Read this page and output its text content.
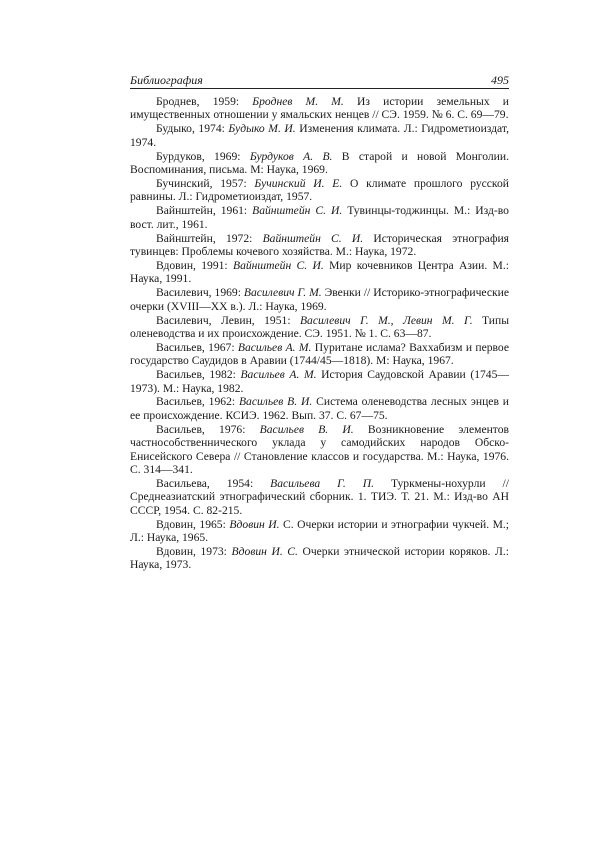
Библиография	495

Броднев, 1959: Броднев М. М. Из истории земельных и имущественных отношении у ямальских ненцев // СЭ. 1959. № 6. С. 69—79.

Будыко, 1974: Будыко М. И. Изменения климата. Л.: Гидрометиоиздат, 1974.

Бурдуков, 1969: Бурдуков А. В. В старой и новой Монголии. Воспоминания, письма. М: Наука, 1969.

Бучинский, 1957: Бучинский И. Е. О климате прошлого русской равнины. Л.: Гидрометиоиздат, 1957.

Вайнштейн, 1961: Вайнштейн С. И. Тувинцы-тоджинцы. М.: Изд-во вост. лит., 1961.

Вайнштейн, 1972: Вайнштейн С. И. Историческая этнография тувинцев: Проблемы кочевого хозяйства. М.: Наука, 1972.

Вдовин, 1991: Вайнштейн С. И. Мир кочевников Центра Азии. М.: Наука, 1991.

Василевич, 1969: Василевич Г. М. Эвенки // Историко-этнографические очерки (XVIII—XX в.). Л.: Наука, 1969.

Василевич, Левин, 1951: Василевич Г. М., Левин М. Г. Типы оленеводства и их происхождение. СЭ. 1951. № 1. С. 63—87.

Васильев, 1967: Васильев А. М. Пуритане ислама? Ваххабизм и первое государство Саудидов в Аравии (1744/45—1818). М: Наука, 1967.

Васильев, 1982: Васильев А. М. История Саудовской Аравии (1745—1973). М.: Наука, 1982.

Васильев, 1962: Васильев В. И. Система оленеводства лесных энцев и ее происхождение. КСИЭ. 1962. Вып. 37. С. 67—75.

Васильев, 1976: Васильев В. И. Возникновение элементов частнособственнического уклада у самодийских народов Обско-Енисейского Севера // Становление классов и государства. М.: Наука, 1976. С. 314—341.

Васильева, 1954: Васильева Г. П. Туркмены-нохурли // Среднеазиатский этнографический сборник. 1. ТИЭ. Т. 21. М.: Изд-во АН СССР, 1954. С. 82-215.

Вдовин, 1965: Вдовин И. С. Очерки истории и этнографии чукчей. М.; Л.: Наука, 1965.

Вдовин, 1973: Вдовин И. С. Очерки этнической истории коряков. Л.: Наука, 1973.
